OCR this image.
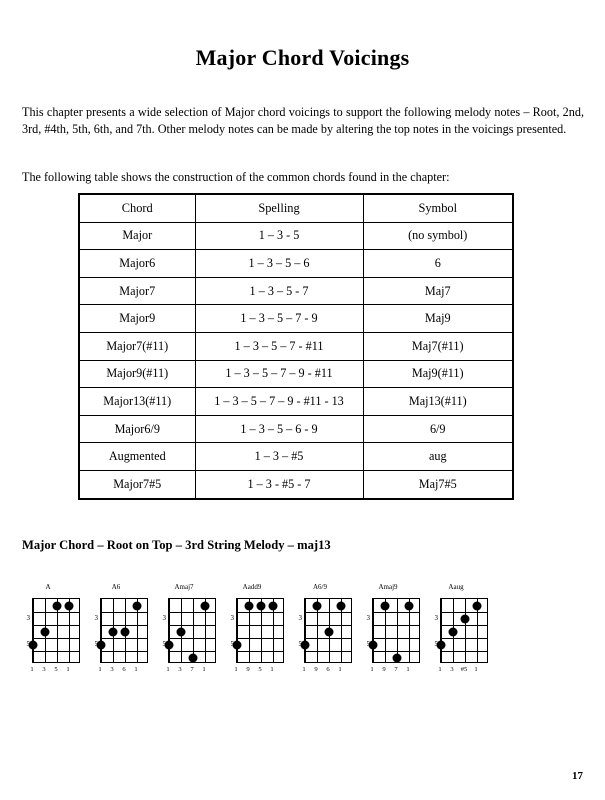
Major Chord Voicings

This chapter presents a wide selection of Major chord voicings to support the following melody notes – Root, 2nd, 3rd, #4th, 5th, 6th, and 7th. Other melody notes can be made by altering the top notes in the voicings presented.

The following table shows the construction of the common chords found in the chapter:

Chord	Spelling	Symbol
Major	1 – 3 - 5	(no symbol)
Major6	1 – 3 – 5 – 6	6
Major7	1 – 3 – 5 - 7	Maj7
Major9	1 – 3 – 5 – 7 - 9	Maj9
Major7(#11)	1 – 3 – 5 – 7 - #11	Maj7(#11)
Major9(#11)	1 – 3 – 5 – 7 – 9 - #11	Maj9(#11)
Major13(#11)	1 – 3 – 5 – 7 – 9 - #11 - 13	Maj13(#11)
Major6/9	1 – 3 – 5 – 6 - 9	6/9
Augmented	1 – 3 – #5	aug
Major7#5	1 – 3 - #5 - 7	Maj7#5
Major Chord – Root on Top – 3rd String Melody – maj13
A
3
5
1 3 5 1
A6
3
5
1 3 6 1
Amaj7
3
5
1 3 7 1
Aadd9
3
5
1 9 5 1
A6/9
3
5
1 9 6 1
Amaj9
3
5
1 9 7 1
Aaug
3
5
1 3 #5 1
17
